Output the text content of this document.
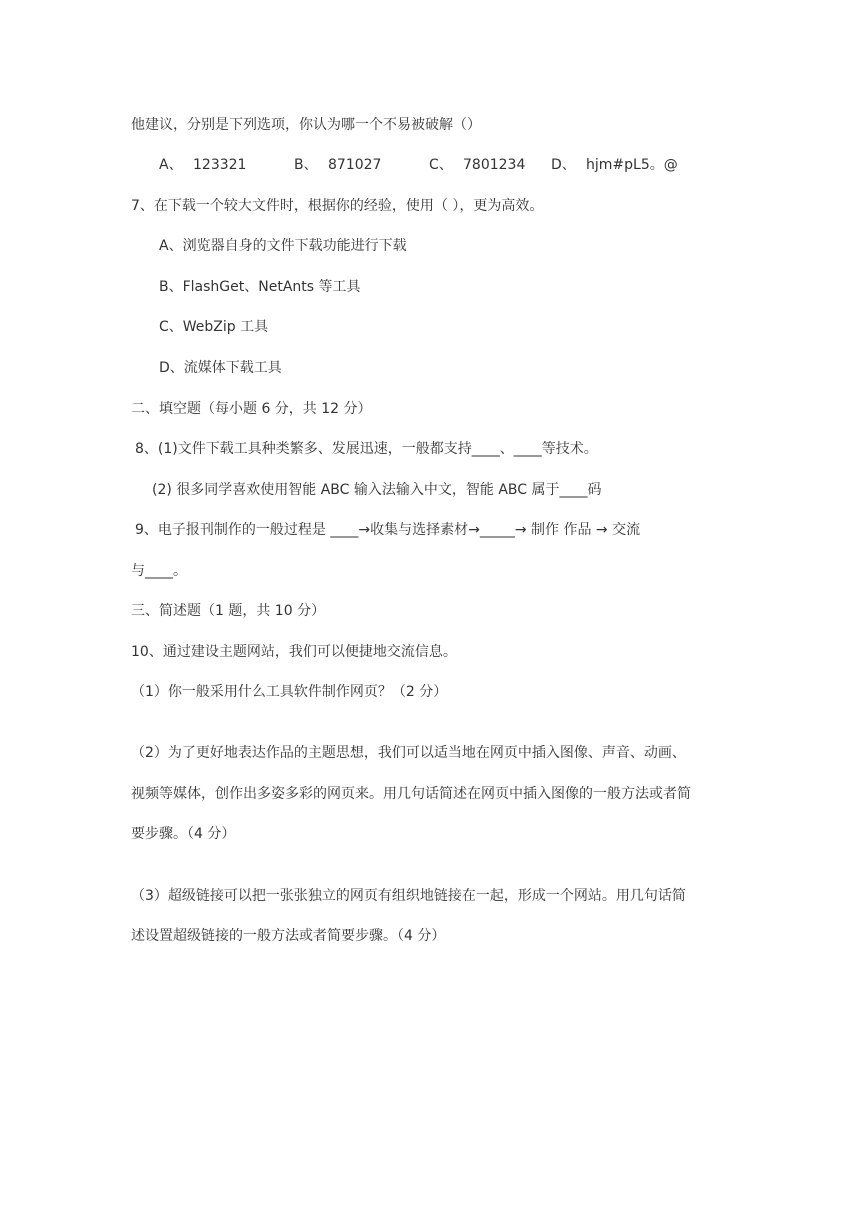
他建议，分别是下列选项，你认为哪一个不易被破解（）
A、 123321	B、 871027	C、 7801234 D、 hjm#pL5。@
7、在下载一个较大文件时，根据你的经验，使用（ ），更为高效。
A、浏览器自身的文件下载功能进行下载
B、FlashGet、NetAnts 等工具
C、WebZip 工具
D、流媒体下载工具
二、填空题（每小题 6 分，共 12 分）
8、(1)文件下载工具种类繁多、发展迅速，一般都支持____、____等技术。
(2) 很多同学喜欢使用智能 ABC 输入法输入中文，智能 ABC 属于____码
9、电子报刊制作的一般过程是 ____→收集与选择素材→_____→ 制作 作品 → 交流
与____。
三、简述题（1 题，共 10 分）
10、通过建设主题网站，我们可以便捷地交流信息。
（1）你一般采用什么工具软件制作网页？（2 分）
（2）为了更好地表达作品的主题思想，我们可以适当地在网页中插入图像、声音、动画、
视频等媒体，创作出多姿多彩的网页来。用几句话简述在网页中插入图像的一般方法或者简
要步骤。（4 分）
（3）超级链接可以把一张张独立的网页有组织地链接在一起，形成一个网站。用几句话简
述设置超级链接的一般方法或者简要步骤。（4 分）
